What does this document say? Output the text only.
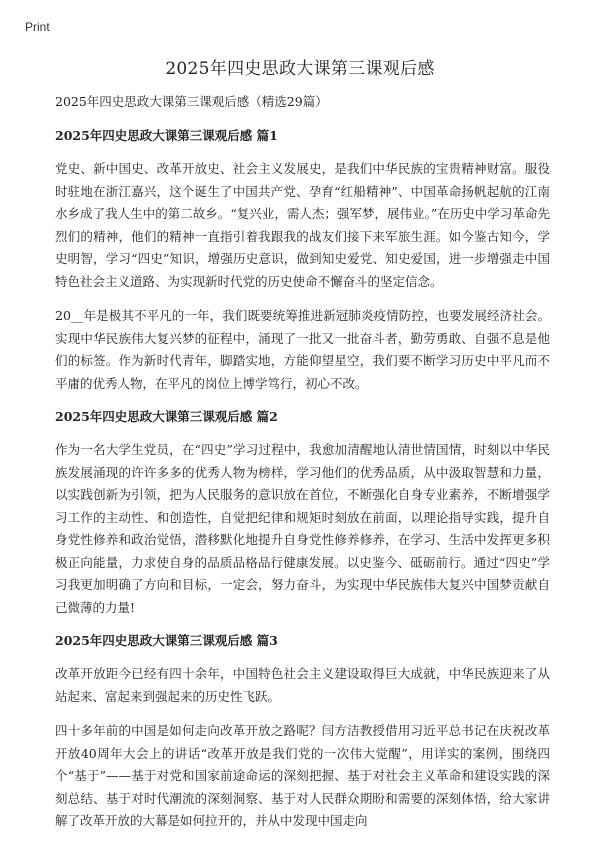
Print
2025年四史思政大课第三课观后感

2025年四史思政大课第三课观后感（精选29篇）

2025年四史思政大课第三课观后感 篇1

党史、新中国史、改革开放史、社会主义发展史，是我们中华民族的宝贵精神财富。服役时驻地在浙江嘉兴，这个诞生了中国共产党、孕育“红船精神”、中国革命扬帆起航的江南水乡成了我人生中的第二故乡。“复兴业，需人杰；强军梦，展伟业。”在历史中学习革命先烈们的精神，他们的精神一直指引着我跟我的战友们接下来军旅生涯。如今鉴古知今，学史明智，学习“四史”知识，增强历史意识，做到知史爱党、知史爱国，进一步增强走中国特色社会主义道路、为实现新时代党的历史使命不懈奋斗的坚定信念。

20__年是极其不平凡的一年，我们既要统筹推进新冠肺炎疫情防控，也要发展经济社会。实现中华民族伟大复兴梦的征程中，涌现了一批又一批奋斗者，勤劳勇敢、自强不息是他们的标签。作为新时代青年，脚踏实地，方能仰望星空，我们要不断学习历史中平凡而不平庸的优秀人物，在平凡的岗位上博学笃行，初心不改。

2025年四史思政大课第三课观后感 篇2

作为一名大学生党员，在“四史”学习过程中，我愈加清醒地认清世情国情，时刻以中华民族发展涌现的许许多多的优秀人物为榜样，学习他们的优秀品质，从中汲取智慧和力量，以实践创新为引领，把为人民服务的意识放在首位，不断强化自身专业素养，不断增强学习工作的主动性、和创造性，自觉把纪律和规矩时刻放在前面，以理论指导实践，提升自身党性修养和政治觉悟，潜移默化地提升自身党性修养修养，在学习、生活中发挥更多积极正向能量，力求使自身的品质品格品行健康发展。以史鉴今、砥砺前行。通过“四史”学习我更加明确了方向和目标，一定会，努力奋斗，为实现中华民族伟大复兴中国梦贡献自己微薄的力量!

2025年四史思政大课第三课观后感 篇3

改革开放距今已经有四十余年，中国特色社会主义建设取得巨大成就，中华民族迎来了从站起来、富起来到强起来的历史性飞跃。

四十多年前的中国是如何走向改革开放之路呢？闫方洁教授借用习近平总书记在庆祝改革开放40周年大会上的讲话“改革开放是我们党的一次伟大觉醒”，用详实的案例，围绕四个“基于”——基于对党和国家前途命运的深刻把握、基于对社会主义革命和建设实践的深刻总结、基于对时代潮流的深刻洞察、基于对人民群众期盼和需要的深刻体悟，给大家讲解了改革开放的大幕是如何拉开的，并从中发现中国走向
